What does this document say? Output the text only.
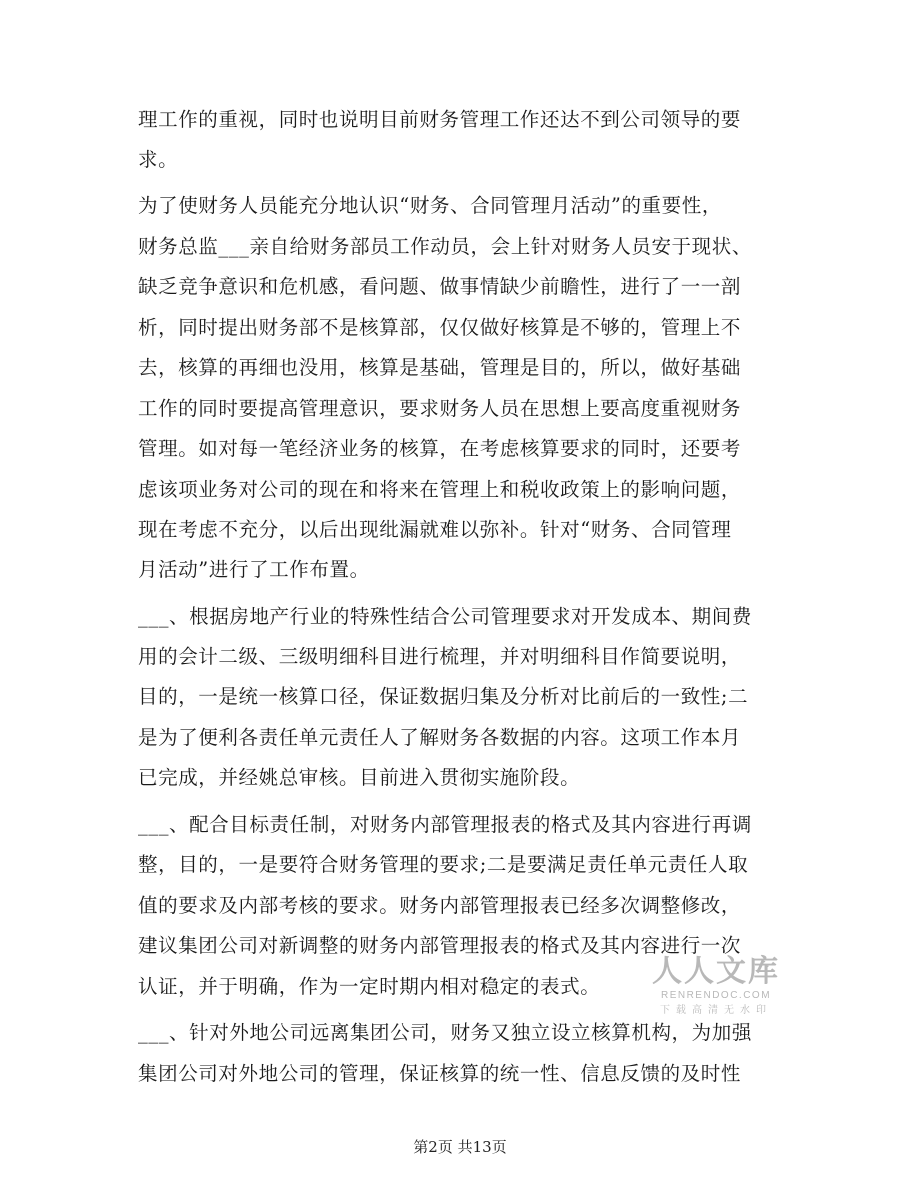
理工作的重视，同时也说明目前财务管理工作还达不到公司领导的要
求。
为了使财务人员能充分地认识“财务、合同管理月活动”的重要性，
财务总监___亲自给财务部员工作动员，会上针对财务人员安于现状、
缺乏竞争意识和危机感，看问题、做事情缺少前瞻性，进行了一一剖
析，同时提出财务部不是核算部，仅仅做好核算是不够的，管理上不
去，核算的再细也没用，核算是基础，管理是目的，所以，做好基础
工作的同时要提高管理意识，要求财务人员在思想上要高度重视财务
管理。如对每一笔经济业务的核算，在考虑核算要求的同时，还要考
虑该项业务对公司的现在和将来在管理上和税收政策上的影响问题，
现在考虑不充分，以后出现纰漏就难以弥补。针对“财务、合同管理
月活动”进行了工作布置。
___、根据房地产行业的特殊性结合公司管理要求对开发成本、期间费
用的会计二级、三级明细科目进行梳理，并对明细科目作简要说明，
目的，一是统一核算口径，保证数据归集及分析对比前后的一致性;二
是为了便利各责任单元责任人了解财务各数据的内容。这项工作本月
已完成，并经姚总审核。目前进入贯彻实施阶段。
___、配合目标责任制，对财务内部管理报表的格式及其内容进行再调
整，目的，一是要符合财务管理的要求;二是要满足责任单元责任人取
值的要求及内部考核的要求。财务内部管理报表已经多次调整修改，
建议集团公司对新调整的财务内部管理报表的格式及其内容进行一次
认证，并于明确，作为一定时期内相对稳定的表式。
___、针对外地公司远离集团公司，财务又独立设立核算机构，为加强
集团公司对外地公司的管理，保证核算的统一性、信息反馈的及时性
人人文库
RENRENDOC.COM
下载高清无水印
第2页 共13页
